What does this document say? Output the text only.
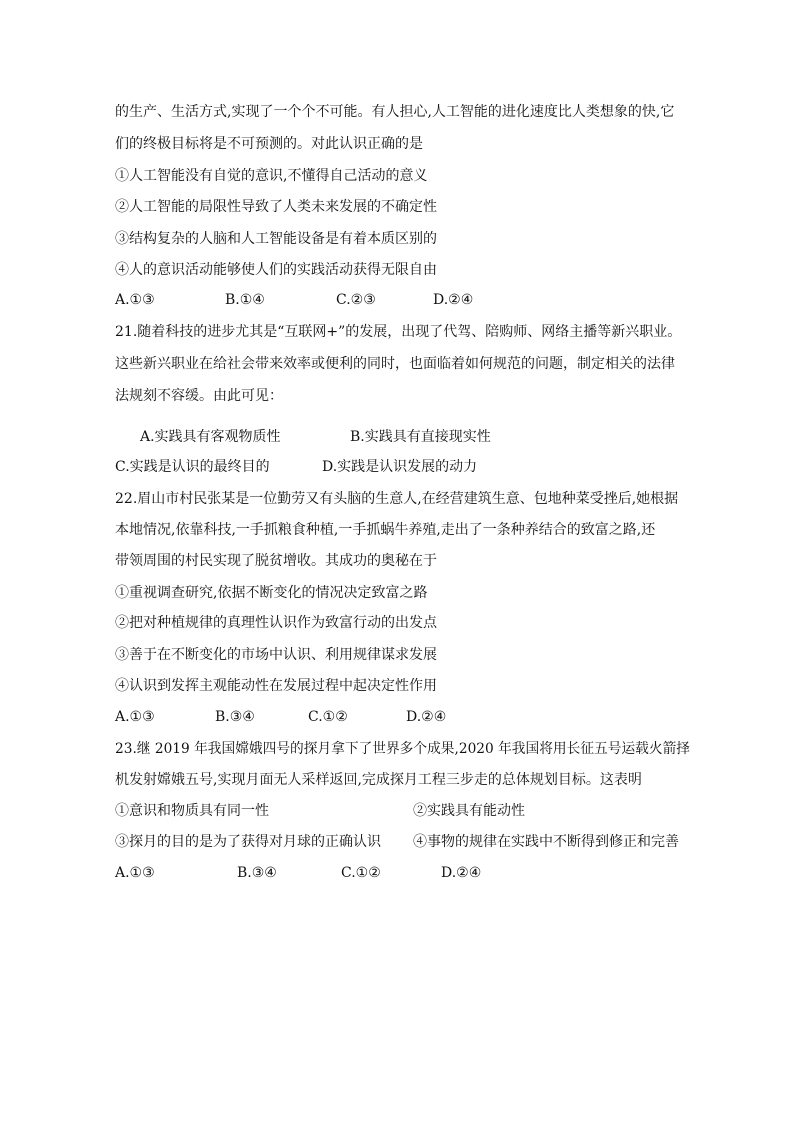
的生产、生活方式,实现了一个个不可能。有人担心,人工智能的进化速度比人类想象的快,它
们的终极目标将是不可预测的。对此认识正确的是
①人工智能没有自觉的意识,不懂得自己活动的意义
②人工智能的局限性导致了人类未来发展的不确定性
③结构复杂的人脑和人工智能设备是有着本质区别的
④人的意识活动能够使人们的实践活动获得无限自由
A.①③	B.①④	C.②③	D.②④
21.随着科技的进步尤其是“互联网+”的发展，出现了代驾、陪购师、网络主播等新兴职业。
这些新兴职业在给社会带来效率或便利的同时，也面临着如何规范的问题，制定相关的法律
法规刻不容缓。由此可见：
A.实践具有客观物质性	B.实践具有直接现实性
C.实践是认识的最终目的	D.实践是认识发展的动力
22.眉山市村民张某是一位勤劳又有头脑的生意人,在经营建筑生意、包地种菜受挫后,她根据
本地情况,依靠科技,一手抓粮食种植,一手抓蜗牛养殖,走出了一条种养结合的致富之路,还
带领周围的村民实现了脱贫增收。其成功的奥秘在于
①重视调查研究,依据不断变化的情况决定致富之路
②把对种植规律的真理性认识作为致富行动的出发点
③善于在不断变化的市场中认识、利用规律谋求发展
④认识到发挥主观能动性在发展过程中起决定性作用
A.①③	B.③④	C.①②	D.②④
23.继 2019 年我国嫦娥四号的探月拿下了世界多个成果,2020 年我国将用长征五号运载火箭择
机发射嫦娥五号,实现月面无人采样返回,完成探月工程三步走的总体规划目标。这表明
①意识和物质具有同一性	②实践具有能动性
③探月的目的是为了获得对月球的正确认识 ④事物的规律在实践中不断得到修正和完善
A.①③	B.③④	C.①②	D.②④
